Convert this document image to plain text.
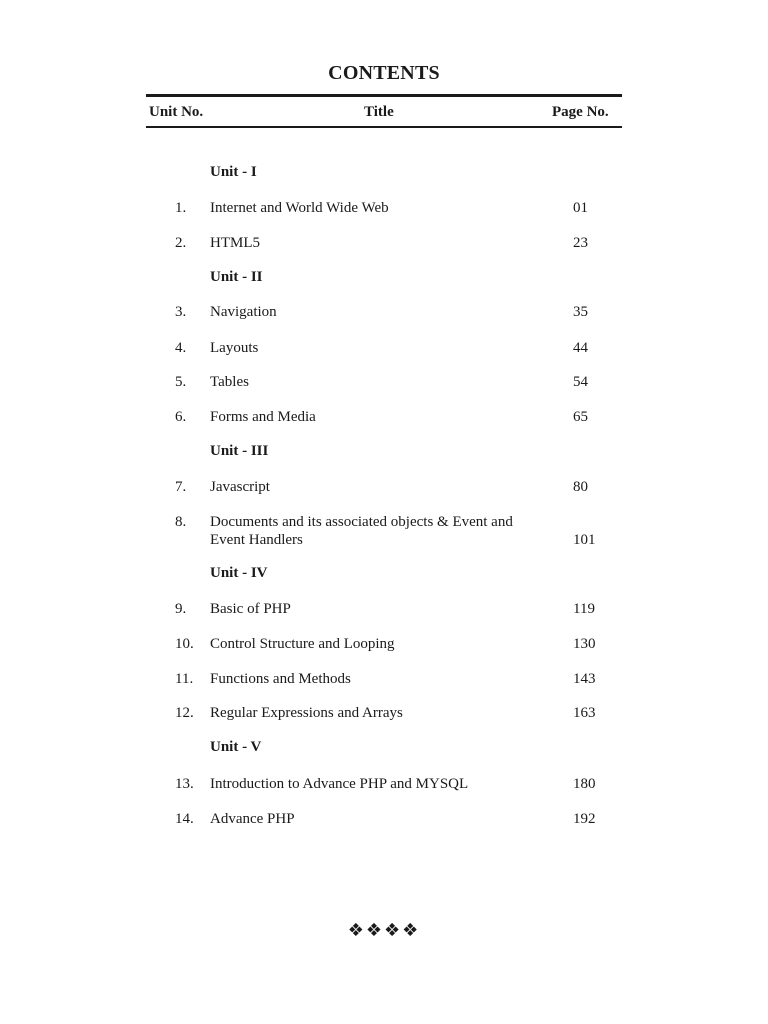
CONTENTS
Unit No.	Title	Page No.
Unit - I
1. Internet and World Wide Web	01
2. HTML5	23
Unit - II
3. Navigation	35
4. Layouts	44
5. Tables	54
6. Forms and Media	65
Unit - III
7. Javascript	80
8. Documents and its associated objects & Event and Event Handlers	101
Unit - IV
9. Basic of PHP	119
10. Control Structure and Looping	130
11. Functions and Methods	143
12. Regular Expressions and Arrays	163
Unit - V
13. Introduction to Advance PHP and MYSQL	180
14. Advance PHP	192
❖❖❖❖
